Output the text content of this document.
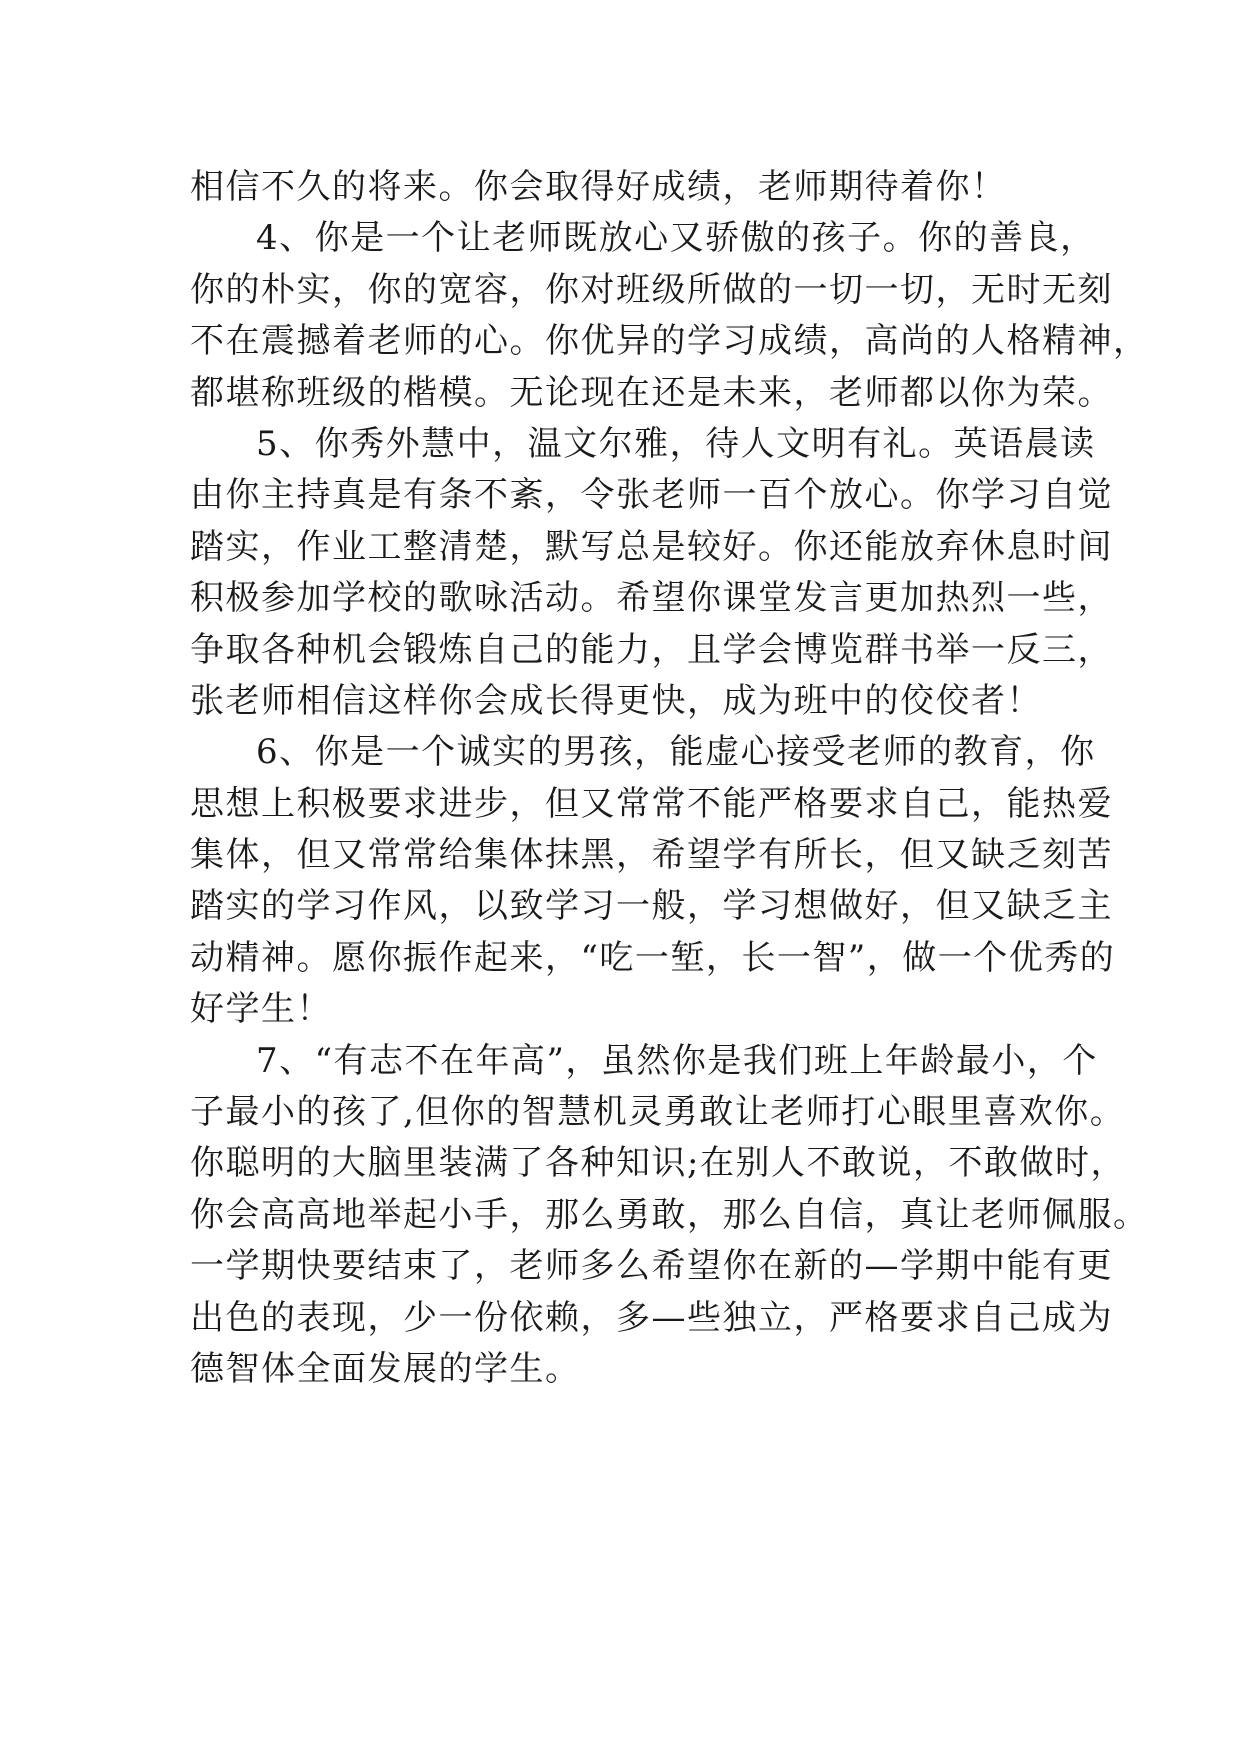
相信不久的将来。你会取得好成绩，老师期待着你！
4、你是一个让老师既放心又骄傲的孩子。你的善良，
你的朴实，你的宽容，你对班级所做的一切一切，无时无刻
不在震撼着老师的心。你优异的学习成绩，高尚的人格精神，
都堪称班级的楷模。无论现在还是未来，老师都以你为荣。
5、你秀外慧中，温文尔雅，待人文明有礼。英语晨读
由你主持真是有条不紊，令张老师一百个放心。你学习自觉
踏实，作业工整清楚，默写总是较好。你还能放弃休息时间
积极参加学校的歌咏活动。希望你课堂发言更加热烈一些，
争取各种机会锻炼自己的能力，且学会博览群书举一反三，
张老师相信这样你会成长得更快，成为班中的佼佼者！
6、你是一个诚实的男孩，能虚心接受老师的教育，你
思想上积极要求进步，但又常常不能严格要求自己，能热爱
集体，但又常常给集体抹黑，希望学有所长，但又缺乏刻苦
踏实的学习作风，以致学习一般，学习想做好，但又缺乏主
动精神。愿你振作起来，“吃一堑，长一智”，做一个优秀的
好学生！
7、“有志不在年高”，虽然你是我们班上年龄最小，个
子最小的孩了,但你的智慧机灵勇敢让老师打心眼里喜欢你。
你聪明的大脑里装满了各种知识;在别人不敢说，不敢做时，
你会高高地举起小手，那么勇敢，那么自信，真让老师佩服。
一学期快要结束了，老师多么希望你在新的—学期中能有更
出色的表现，少一份依赖，多—些独立，严格要求自己成为
德智体全面发展的学生。
